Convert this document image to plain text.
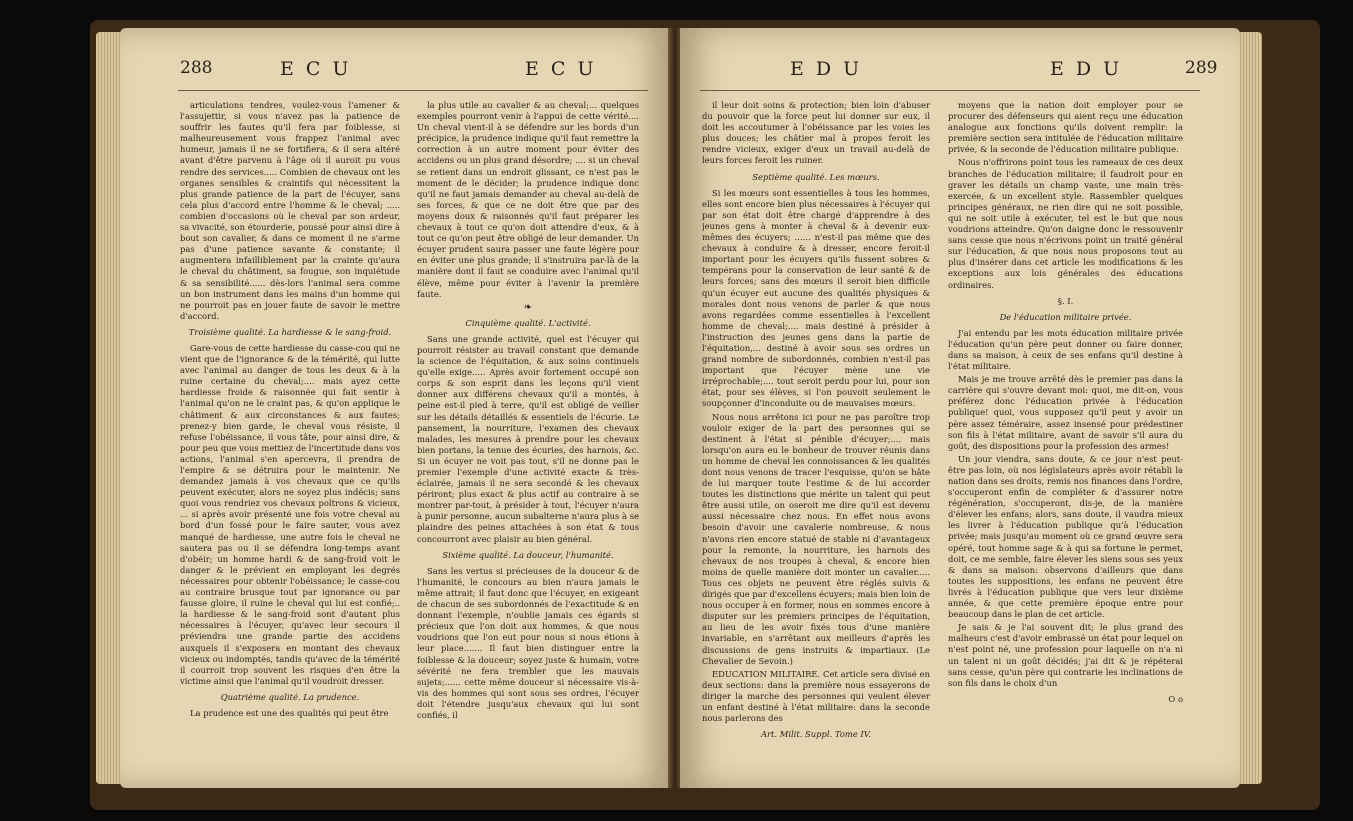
288	E C U	E C U

articulations tendres, voulez-vous l'amener & l'assujettir, si vous n'avez pas la patience de souffrir les fautes qu'il fera par foiblesse, si malheureusement vous frappez l'animal avec humeur, jamais il ne se fortifiera, & il sera altéré avant d'être parvenu à l'âge où il auroit pu vous rendre des services..... Combien de chevaux ont les organes sensibles & craintifs qui nécessitent la plus grande patience de la part de l'écuyer, sans cela plus d'accord entre l'homme & le cheval; ..... combien d'occasions où le cheval par son ardeur, sa vivacité, son étourderie, poussé pour ainsi dire à bout son cavalier, & dans ce moment il ne s'arme pas d'une patience savante & constante; il augmentera infailliblement par la crainte qu'aura le cheval du châtiment, sa fougue, son inquiétude & sa sensibilité...... dès-lors l'animal sera comme un bon instrument dans les mains d'un homme qui ne pourroit pas en jouer faute de savoir le mettre d'accord.

Troisième qualité. La hardiesse & le sang-froid.

Gare-vous de cette hardiesse du casse-cou qui ne vient que de l'ignorance & de la témérité, qui lutte avec l'animal au danger de tous les deux & à la ruine certaine du cheval;.... mais ayez cette hardiesse froide & raisonnée qui fait sentir à l'animal qu'on ne le craint pas, & qu'on applique le châtiment & aux circonstances & aux fautes; prenez-y bien garde, le cheval vous résiste, il refuse l'obéissance, il vous tâte, pour ainsi dire, & pour peu que vous mettiez de l'incertitude dans vos actions, l'animal s'en apercevra, il prendra de l'empire & se détruira pour le maintenir. Ne demandez jamais à vos chevaux que ce qu'ils peuvent exécuter, alors ne soyez plus indécis; sans quoi vous rendriez vos chevaux poltrons & vicieux, ... si après avoir présenté une fois votre cheval au bord d'un fossé pour le faire sauter, vous avez manqué de hardiesse, une autre fois le cheval ne sautera pas ou il se défendra long-temps avant d'obéir; un homme hardi & de sang-froid voit le danger & le prévient en employant les degrés nécessaires pour obtenir l'obéissance; le casse-cou au contraire brusque tout par ignorance ou par fausse gloire, il ruine le cheval qui lui est confié;.. la hardiesse & le sang-froid sont d'autant plus nécessaires à l'écuyer, qu'avec leur secours il préviendra une grande partie des accidens auxquels il s'exposera en montant des chevaux vicieux ou indomptés, tandis qu'avec de la témérité il courroit trop souvent les risques d'en être la victime ainsi que l'animal qu'il voudroit dresser.

Quatrième qualité. La prudence.

La prudence est une des qualités qui peut être

la plus utile au cavalier & au cheval;... quelques exemples pourront venir à l'appui de cette vérité.... Un cheval vient-il à se défendre sur les bords d'un précipice, la prudence indique qu'il faut remettre la correction à un autre moment pour éviter des accidens ou un plus grand désordre; .... si un cheval se retient dans un endroit glissant, ce n'est pas le moment de le décider; la prudence indique donc qu'il ne faut jamais demander au cheval au-delà de ses forces, & que ce ne doit être que par des moyens doux & raisonnés qu'il faut préparer les chevaux à tout ce qu'on doit attendre d'eux, & à tout ce qu'on peut être obligé de leur demander. Un écuyer prudent saura passer une faute légère pour en éviter une plus grande; il s'instruira par-là de la manière dont il faut se conduire avec l'animal qu'il élève, même pour éviter à l'avenir la première faute.

❧

Cinquième qualité. L'activité.

Sans une grande activité, quel est l'écuyer qui pourroit résister au travail constant que demande la science de l'équitation, & aux soins continuels qu'elle exige..... Après avoir fortement occupé son corps & son esprit dans les leçons qu'il vient donner aux différens chevaux qu'il a montés, à peine est-il pied à terre, qu'il est obligé de veiller sur les détails détaillés & essentiels de l'écurie. Le pansement, la nourriture, l'examen des chevaux malades, les mesures à prendre pour les chevaux bien portans, la tenue des écuries, des harnois, &c. Si un écuyer ne voit pas tout, s'il ne donne pas le premier l'exemple d'une activité exacte & très-éclairée, jamais il ne sera secondé & les chevaux périront; plus exact & plus actif au contraire à se montrer par-tout, à présider à tout, l'écuyer n'aura à punir personne, aucun subalterne n'aura plus à se plaindre des peines attachées à son état & tous concourront avec plaisir au bien général.

Sixième qualité. La douceur, l'humanité.

Sans les vertus si précieuses de la douceur & de l'humanité, le concours au bien n'aura jamais le même attrait; il faut donc que l'écuyer, en exigeant de chacun de ses subordonnés de l'exactitude & en donnant l'exemple, n'oublie jamais ces égards si précieux que l'on doit aux hommes, & que nous voudrions que l'on eut pour nous si nous étions à leur place....... Il faut bien distinguer entre la foiblesse & la douceur; soyez juste & humain, votre sévérité ne fera trembler que les mauvais sujets;...... cette même douceur si nécessaire vis-à-vis des hommes qui sont sous ses ordres, l'écuyer doit l'étendre jusqu'aux chevaux qui lui sont confiés, il

E D U	E D U	289

il leur doit soins & protection; bien loin d'abuser du pouvoir que la force peut lui donner sur eux, il doit les accoutumer à l'obéissance par les voies les plus douces; les châtier mal à propos feroit les rendre vicieux, exiger d'eux un travail au-delà de leurs forces feroit les ruiner.

Septième qualité. Les mœurs.

Si les mœurs sont essentielles à tous les hommes, elles sont encore bien plus nécessaires à l'écuyer qui par son état doit être chargé d'apprendre à des jeunes gens à monter à cheval & à devenir eux-mêmes des écuyers; ...... n'est-il pas même que des chevaux à conduire & à dresser, encore feroit-il important pour les écuyers qu'ils fussent sobres & tempérans pour la conservation de leur santé & de leurs forces; sans des mœurs il seroit bien difficile qu'un écuyer eut aucune des qualités physiques & morales dont nous venons de parler & que nous avons regardées comme essentielles à l'excellent homme de cheval;.... mais destiné à présider à l'instruction des jeunes gens dans la partie de l'équitation,... destiné à avoir sous ses ordres un grand nombre de subordonnés, combien n'est-il pas important que l'écuyer mène une vie irréprochable;.... tout seroit perdu pour lui, pour son état, pour ses élèves, si l'on pouvoit seulement le soupçonner d'inconduite ou de mauvaises mœurs.

Nous nous arrêtons ici pour ne pas paroître trop vouloir exiger de la part des personnes qui se destinent à l'état si pénible d'écuyer;.... mais lorsqu'on aura eu le bonheur de trouver réunis dans un homme de cheval les connoissances & les qualités dont nous venons de tracer l'esquisse, qu'on se hâte de lui marquer toute l'estime & de lui accorder toutes les distinctions que mérite un talent qui peut être aussi utile, on oseroit me dire qu'il est devenu aussi nécessaire chez nous. En effet nous avons besoin d'avoir une cavalerie nombreuse, & nous n'avons rien encore statué de stable ni d'avantageux pour la remonte, la nourriture, les harnois des chevaux de nos troupes à cheval, & encore bien moins de quelle manière doit monter un cavalier..... Tous ces objets ne peuvent être réglés suivis & dirigés que par d'excellens écuyers; mais bien loin de nous occuper à en former, nous en sommes encore à disputer sur les premiers principes de l'équitation, au lieu de les avoir fixés tous d'une manière invariable, en s'arrêtant aux meilleurs d'après les discussions de gens instruits & impartiaux. (Le Chevalier de Sevoin.)

EDUCATION MILITAIRE. Cet article sera divisé en deux sections: dans la première nous essayerons de diriger la marche des personnes qui veulent élever un enfant destiné à l'état militaire: dans la seconde nous parlerons des

Art. Milit. Suppl. Tome IV.

moyens que la nation doit employer pour se procurer des défenseurs qui aient reçu une éducation analogue aux fonctions qu'ils doivent remplir: la première section sera intitulée de l'éducation militaire privée, & la seconde de l'éducation militaire publique.

Nous n'offrirons point tous les rameaux de ces deux branches de l'éducation militaire; il faudroit pour en graver les détails un champ vaste, une main très-exercée, & un excellent style. Rassembler quelques principes généraux, ne rien dire qui ne soit possible, qui ne soit utile à exécuter, tel est le but que nous voudrions atteindre. Qu'on daigne donc le ressouvenir sans cesse que nous n'écrivons point un traité général sur l'éducation, & que nous nous proposons tout au plus d'insérer dans cet article les modifications & les exceptions aux lois générales des éducations ordinaires.

§. I.

De l'éducation militaire privée.

J'ai entendu par les mots éducation militaire privée l'éducation qu'un père peut donner ou faire donner, dans sa maison, à ceux de ses enfans qu'il destine à l'état militaire.

Mais je me trouve arrêté dès le premier pas dans la carrière qui s'ouvre devant moi: quoi, me dit-on, vous préférez donc l'éducation privée à l'éducation publique! quoi, vous supposez qu'il peut y avoir un père assez téméraire, assez insensé pour prédestiner son fils à l'état militaire, avant de savoir s'il aura du goût, des dispositions pour la profession des armes!

Un jour viendra, sans doute, & ce jour n'est peut-être pas loin, où nos législateurs après avoir rétabli la nation dans ses droits, remis nos finances dans l'ordre, s'occuperont enfin de compléter & d'assurer notre régénération, s'occuperont, dis-je, de la manière d'élever les enfans; alors, sans doute, il vaudra mieux les livrer à l'éducation publique qu'à l'éducation privée; mais jusqu'au moment où ce grand œuvre sera opéré, tout homme sage & à qui sa fortune le permet, doit, ce me semble, faire élever les siens sous ses yeux & dans sa maison: observons d'ailleurs que dans toutes les suppositions, les enfans ne peuvent être livrés à l'éducation publique que vers leur dixième année, & que cette première époque entre pour beaucoup dans le plan de cet article.

Je sais & je l'ai souvent dit; le plus grand des malheurs c'est d'avoir embrassé un état pour lequel on n'est point né, une profession pour laquelle on n'a ni un talent ni un goût décidés; j'ai dit & je répéterai sans cesse, qu'un père qui contrarie les inclinations de son fils dans le choix d'un

O o
